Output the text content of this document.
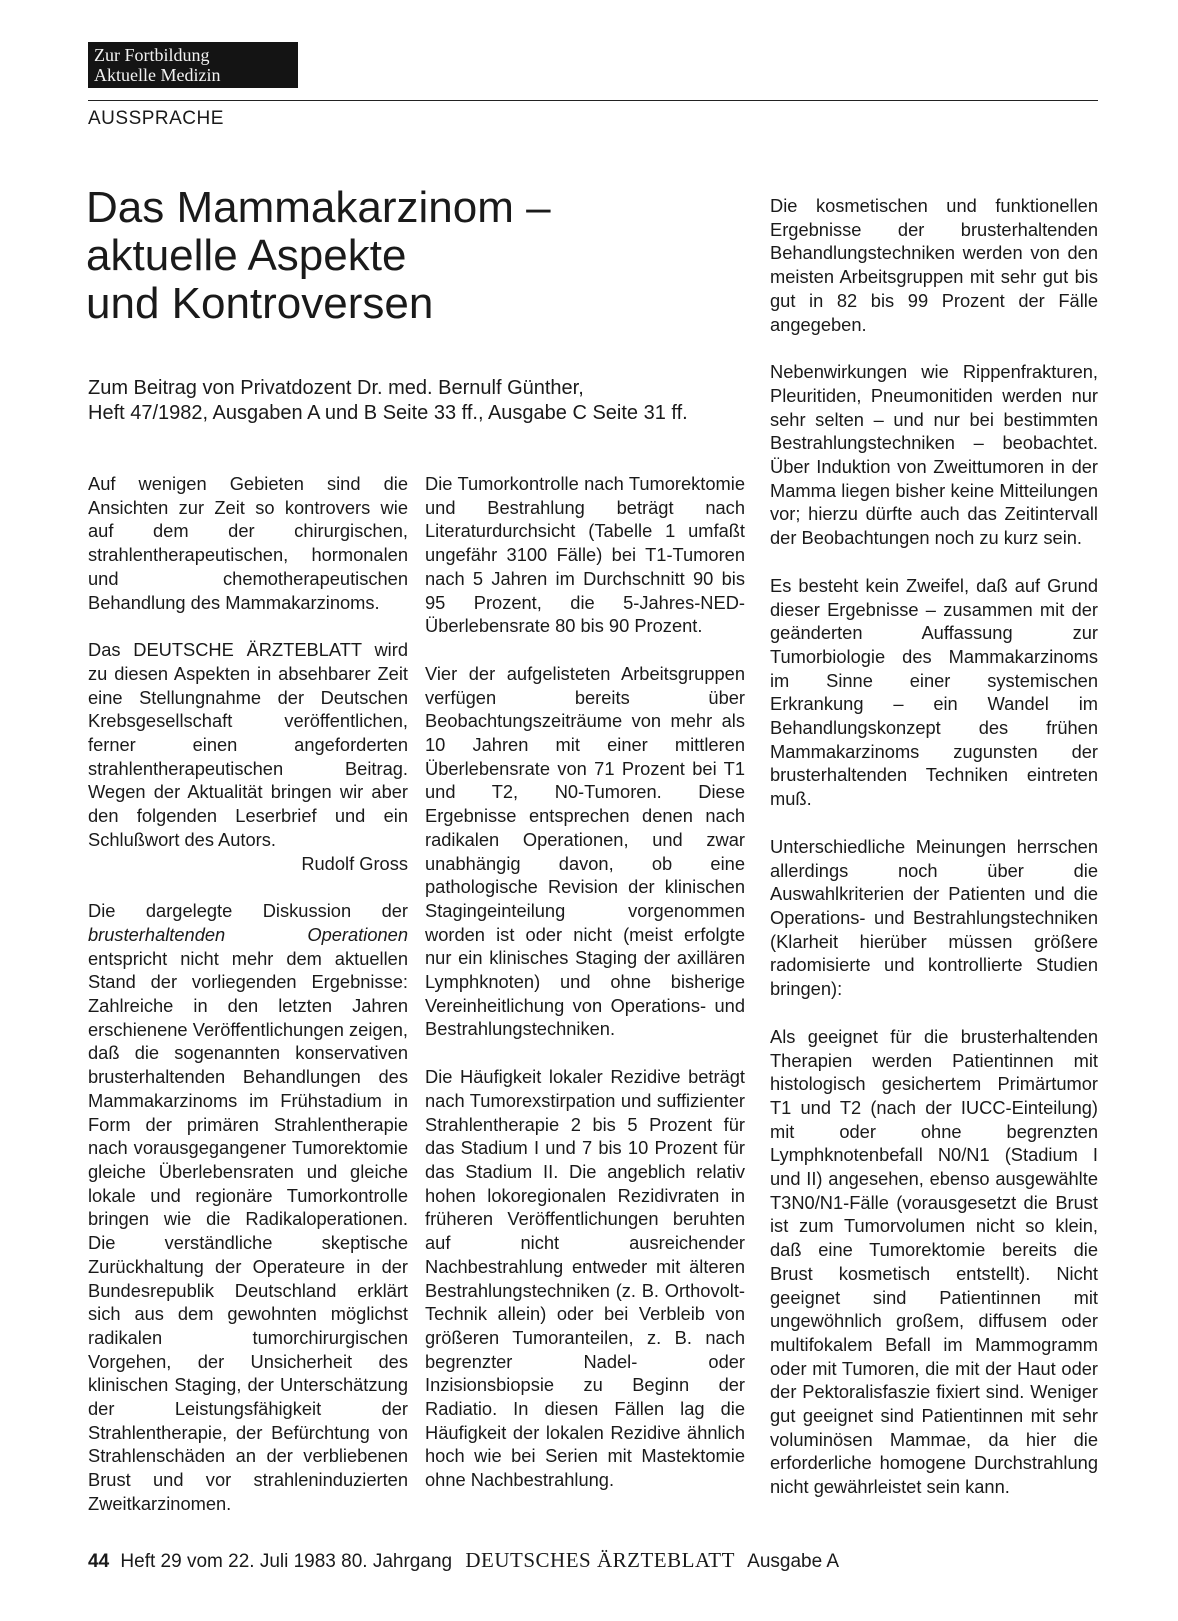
Zur Fortbildung
Aktuelle Medizin
AUSSPRACHE
Das Mammakarzinom –
aktuelle Aspekte
und Kontroversen
Zum Beitrag von Privatdozent Dr. med. Bernulf Günther,
Heft 47/1982, Ausgaben A und B Seite 33 ff., Ausgabe C Seite 31 ff.

Auf wenigen Gebieten sind die Ansichten zur Zeit so kontrovers wie auf dem der chirurgischen, strahlentherapeutischen, hormonalen und chemotherapeutischen Behandlung des Mammakarzinoms.

Das DEUTSCHE ÄRZTEBLATT wird zu diesen Aspekten in absehbarer Zeit eine Stellungnahme der Deutschen Krebsgesellschaft veröffentlichen, ferner einen angeforderten strahlentherapeutischen Beitrag. Wegen der Aktualität bringen wir aber den folgenden Leserbrief und ein Schlußwort des Autors.
Rudolf Gross

Die dargelegte Diskussion der brusterhaltenden Operationen entspricht nicht mehr dem aktuellen Stand der vorliegenden Ergebnisse: Zahlreiche in den letzten Jahren erschienene Veröffentlichungen zeigen, daß die sogenannten konservativen brusterhaltenden Behandlungen des Mammakarzinoms im Frühstadium in Form der primären Strahlentherapie nach vorausgegangener Tumorektomie gleiche Überlebensraten und gleiche lokale und regionäre Tumorkontrolle bringen wie die Radikaloperationen. Die verständliche skeptische Zurückhaltung der Operateure in der Bundesrepublik Deutschland erklärt sich aus dem gewohnten möglichst radikalen tumorchirurgischen Vorgehen, der Unsicherheit des klinischen Staging, der Unterschätzung der Leistungsfähigkeit der Strahlentherapie, der Befürchtung von Strahlenschäden an der verbliebenen Brust und vor strahleninduzierten Zweitkarzinomen.

Die Tumorkontrolle nach Tumorektomie und Bestrahlung beträgt nach Literaturdurchsicht (Tabelle 1 umfaßt ungefähr 3100 Fälle) bei T1-Tumoren nach 5 Jahren im Durchschnitt 90 bis 95 Prozent, die 5-Jahres-NED-Überlebensrate 80 bis 90 Prozent.

Vier der aufgelisteten Arbeitsgruppen verfügen bereits über Beobachtungszeiträume von mehr als 10 Jahren mit einer mittleren Überlebensrate von 71 Prozent bei T1 und T2, N0-Tumoren. Diese Ergebnisse entsprechen denen nach radikalen Operationen, und zwar unabhängig davon, ob eine pathologische Revision der klinischen Stagingeinteilung vorgenommen worden ist oder nicht (meist erfolgte nur ein klinisches Staging der axillären Lymphknoten) und ohne bisherige Vereinheitlichung von Operations- und Bestrahlungstechniken.

Die Häufigkeit lokaler Rezidive beträgt nach Tumorexstirpation und suffizienter Strahlentherapie 2 bis 5 Prozent für das Stadium I und 7 bis 10 Prozent für das Stadium II. Die angeblich relativ hohen lokoregionalen Rezidivraten in früheren Veröffentlichungen beruhten auf nicht ausreichender Nachbestrahlung entweder mit älteren Bestrahlungstechniken (z. B. Orthovolt-Technik allein) oder bei Verbleib von größeren Tumoranteilen, z. B. nach begrenzter Nadel- oder Inzisionsbiopsie zu Beginn der Radiatio. In diesen Fällen lag die Häufigkeit der lokalen Rezidive ähnlich hoch wie bei Serien mit Mastektomie ohne Nachbestrahlung.

Die kosmetischen und funktionellen Ergebnisse der brusterhaltenden Behandlungstechniken werden von den meisten Arbeitsgruppen mit sehr gut bis gut in 82 bis 99 Prozent der Fälle angegeben.

Nebenwirkungen wie Rippenfrakturen, Pleuritiden, Pneumonitiden werden nur sehr selten – und nur bei bestimmten Bestrahlungstechniken – beobachtet. Über Induktion von Zweittumoren in der Mamma liegen bisher keine Mitteilungen vor; hierzu dürfte auch das Zeitintervall der Beobachtungen noch zu kurz sein.

Es besteht kein Zweifel, daß auf Grund dieser Ergebnisse – zusammen mit der geänderten Auffassung zur Tumorbiologie des Mammakarzinoms im Sinne einer systemischen Erkrankung – ein Wandel im Behandlungskonzept des frühen Mammakarzinoms zugunsten der brusterhaltenden Techniken eintreten muß.

Unterschiedliche Meinungen herrschen allerdings noch über die Auswahlkriterien der Patienten und die Operations- und Bestrahlungstechniken (Klarheit hierüber müssen größere radomisierte und kontrollierte Studien bringen):

Als geeignet für die brusterhaltenden Therapien werden Patientinnen mit histologisch gesichertem Primärtumor T1 und T2 (nach der IUCC-Einteilung) mit oder ohne begrenzten Lymphknotenbefall N0/N1 (Stadium I und II) angesehen, ebenso ausgewählte T3N0/N1-Fälle (vorausgesetzt die Brust ist zum Tumorvolumen nicht so klein, daß eine Tumorektomie bereits die Brust kosmetisch entstellt). Nicht geeignet sind Patientinnen mit ungewöhnlich großem, diffusem oder multifokalem Befall im Mammogramm oder mit Tumoren, die mit der Haut oder der Pektoralisfaszie fixiert sind. Weniger gut geeignet sind Patientinnen mit sehr voluminösen Mammae, da hier die erforderliche homogene Durchstrahlung nicht gewährleistet sein kann.

44 Heft 29 vom 22. Juli 1983 80. Jahrgang DEUTSCHES ÄRZTEBLATT Ausgabe A
